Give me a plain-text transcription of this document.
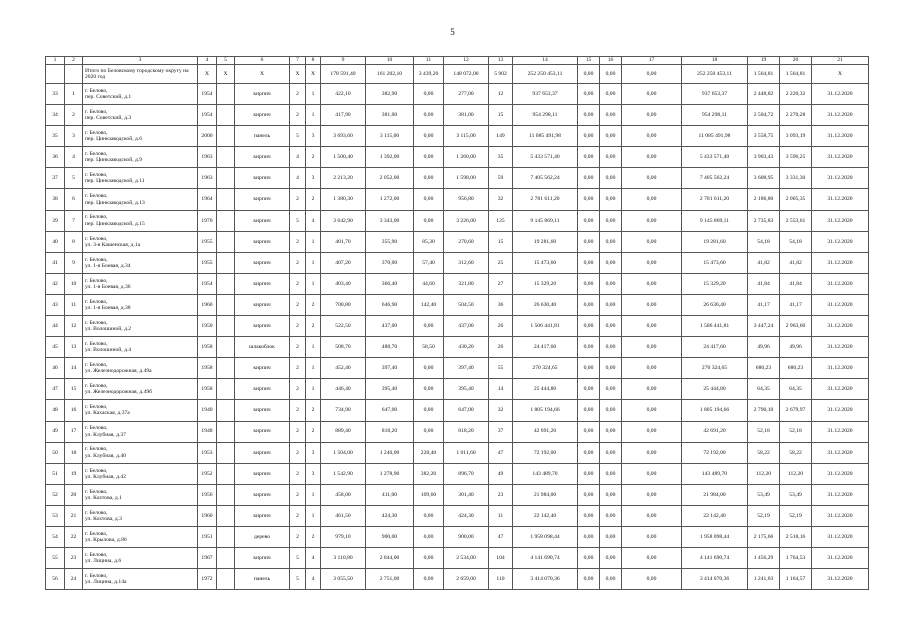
5
1	2	3	4	5	6	7	8	9	10	11	12	13	14	15	16	17	18	19	20	21
		Итого по Беловскому городскому округу на 2020 год	X	X	X	X	X	178 591,40	161 202,10	3 439,20	148 072,00	5 902	252 250 453,11	0,00	0,00	0,00	252 250 453,11	1 564,81	1 564,81	X
33	1	г. Белово,
пер. Советский, д.1	1954		кирпич	2	1	422,10	382,90	0,00	277,00	12	937 653,37	0,00	0,00	0,00	937 653,37	2 448,82	2 220,32	31.12.2020
34	2	г. Белово,
пер. Советский, д.3	1954		кирпич	2	1	417,90	381,00	0,00	381,00	15	954 298,11	0,00	0,00	0,00	954 298,11	2 504,72	2 270,28	31.12.2020
35	3	г. Белово,
пер. Цинкзаводской, д.6	2000		панель	5	3	3 693,60	3 115,00	0,00	3 115,00	149	11 085 491,98	0,00	0,00	0,00	11 085 491,98	3 558,75	3 093,19	31.12.2020
36	4	г. Белово,
пер. Цинкзаводской, д.9	1963		кирпич	4	2	1 500,40	1 392,00	0,00	1 260,00	35	5 433 571,40	0,00	0,00	0,00	5 433 571,40	3 903,43	3 596,25	31.12.2020
37	5	г. Белово,
пер. Цинкзаводской, д.11	1963		кирпич	4	3	2 213,20	2 052,00	0,00	1 598,00	59	7 405 562,24	0,00	0,00	0,00	7 405 562,24	3 608,95	3 331,30	31.12.2020
38	6	г. Белово,
пер. Цинкзаводской, д.13	1964		кирпич	2	2	1 380,30	1 272,00	0,00	956,80	32	2 781 611,20	0,00	0,00	0,00	2 781 611,20	2 186,80	2 005,35	31.12.2020
39	7	г. Белово,
пер. Цинкзаводской, д.15	1970		кирпич	5	4	3 642,90	3 343,00	0,00	3 226,00	125	9 145 869,11	0,00	0,00	0,00	9 145 869,11	2 735,83	2 553,61	31.12.2020
40	8	г. Белово,
ул. 3-я Кашенская, д.1а	1955		кирпич	2	1	401,70	355,90	85,30	270,60	15	19 281,60	0,00	0,00	0,00	19 281,60	54,18	54,18	31.12.2020
41	9	г. Белово,
ул. 1-я Боевая, д.34	1955		кирпич	2	1	407,20	370,00	57,40	312,60	25	15 473,60	0,00	0,00	0,00	15 473,60	41,82	41,82	31.12.2020
42	10	г. Белово,
ул. 1-я Боевая, д.36	1954		кирпич	2	1	403,40	366,40	44,60	321,80	27	15 329,20	0,00	0,00	0,00	15 329,20	41,84	41,84	31.12.2020
43	11	г. Белово,
ул. 1-я Боевая, д.38	1960		кирпич	2	2	700,80	646,90	142,40	504,50	36	26 630,40	0,00	0,00	0,00	26 630,40	41,17	41,17	31.12.2020
44	12	г. Белово,
ул. Волошиной, д.2	1950		кирпич	2	2	522,50	437,00	0,00	437,00	26	1 506 441,81	0,00	0,00	0,00	1 506 441,81	3 447,24	2 963,60	31.12.2020
45	13	г. Белово,
ул. Волошиной, д.4	1958		шлакоблок	2	1	508,70	488,70	58,50	430,20	26	24 417,60	0,00	0,00	0,00	24 417,60	49,96	49,96	31.12.2020
46	14	г. Белово,
ул. Железнодорожная, д.49а	1958		кирпич	2	1	452,40	397,40	0,00	397,40	55	270 324,65	0,00	0,00	0,00	270 324,65	680,23	680,23	31.12.2020
47	15	г. Белово,
ул. Железнодорожная, д.49б	1958		кирпич	2	1	446,40	395,40	0,00	395,40	14	25 444,80	0,00	0,00	0,00	25 444,80	64,35	64,35	31.12.2020
48	16	г. Белово,
ул. Кахаская, д.37а	1940		кирпич	2	2	734,90	647,00	0,00	647,00	32	1 805 194,66	0,00	0,00	0,00	1 805 194,66	2 790,10	2 679,97	31.12.2020
49	17	г. Белово,
ул. Клубная, д.37	1948		кирпич	2	2	889,40	818,20	0,00	818,20	37	42 691,20	0,00	0,00	0,00	42 691,20	52,18	52,18	31.12.2020
50	18	г. Белово,
ул. Клубная, д.40	1953		кирпич	2	3	1 504,00	1 240,00	228,40	1 011,60	47	72 192,00	0,00	0,00	0,00	72 192,00	58,22	58,22	31.12.2020
51	19	г. Белово,
ул. Клубная, д.42	1952		кирпич	2	3	1 542,90	1 278,90	382,20	896,70	49	143 489,70	0,00	0,00	0,00	143 489,70	112,20	112,20	31.12.2020
52	20	г. Белово,
ул. Кохтова, д.1	1956		кирпич	2	1	458,00	411,00	109,60	301,40	23	21 984,00	0,00	0,00	0,00	21 984,00	53,49	53,49	31.12.2020
53	21	г. Белово,
ул. Кохтова, д.3	1960		кирпич	2	1	461,50	424,30	0,00	424,30	11	22 142,40	0,00	0,00	0,00	22 142,40	52,19	52,19	31.12.2020
54	22	г. Белово,
ул. Крылова, д.86	1951		дерево	2	2	979,10	900,00	0,00	900,00	47	1 958 098,44	0,00	0,00	0,00	1 958 098,44	2 175,66	2 518,16	31.12.2020
55	23	г. Белово,
ул. Лицина, д.6	1967		кирпич	5	4	3 110,80	2 844,00	0,00	2 534,00	104	4 141 690,74	0,00	0,00	0,00	4 141 690,74	1 456,29	1 764,53	31.12.2020
56	24	г. Белово,
ул. Лицина, д.14а	1972		панель	5	4	3 055,50	2 751,00	0,00	2 659,00	110	3 414 070,36	0,00	0,00	0,00	3 414 070,36	1 241,03	1 164,57	31.12.2020
